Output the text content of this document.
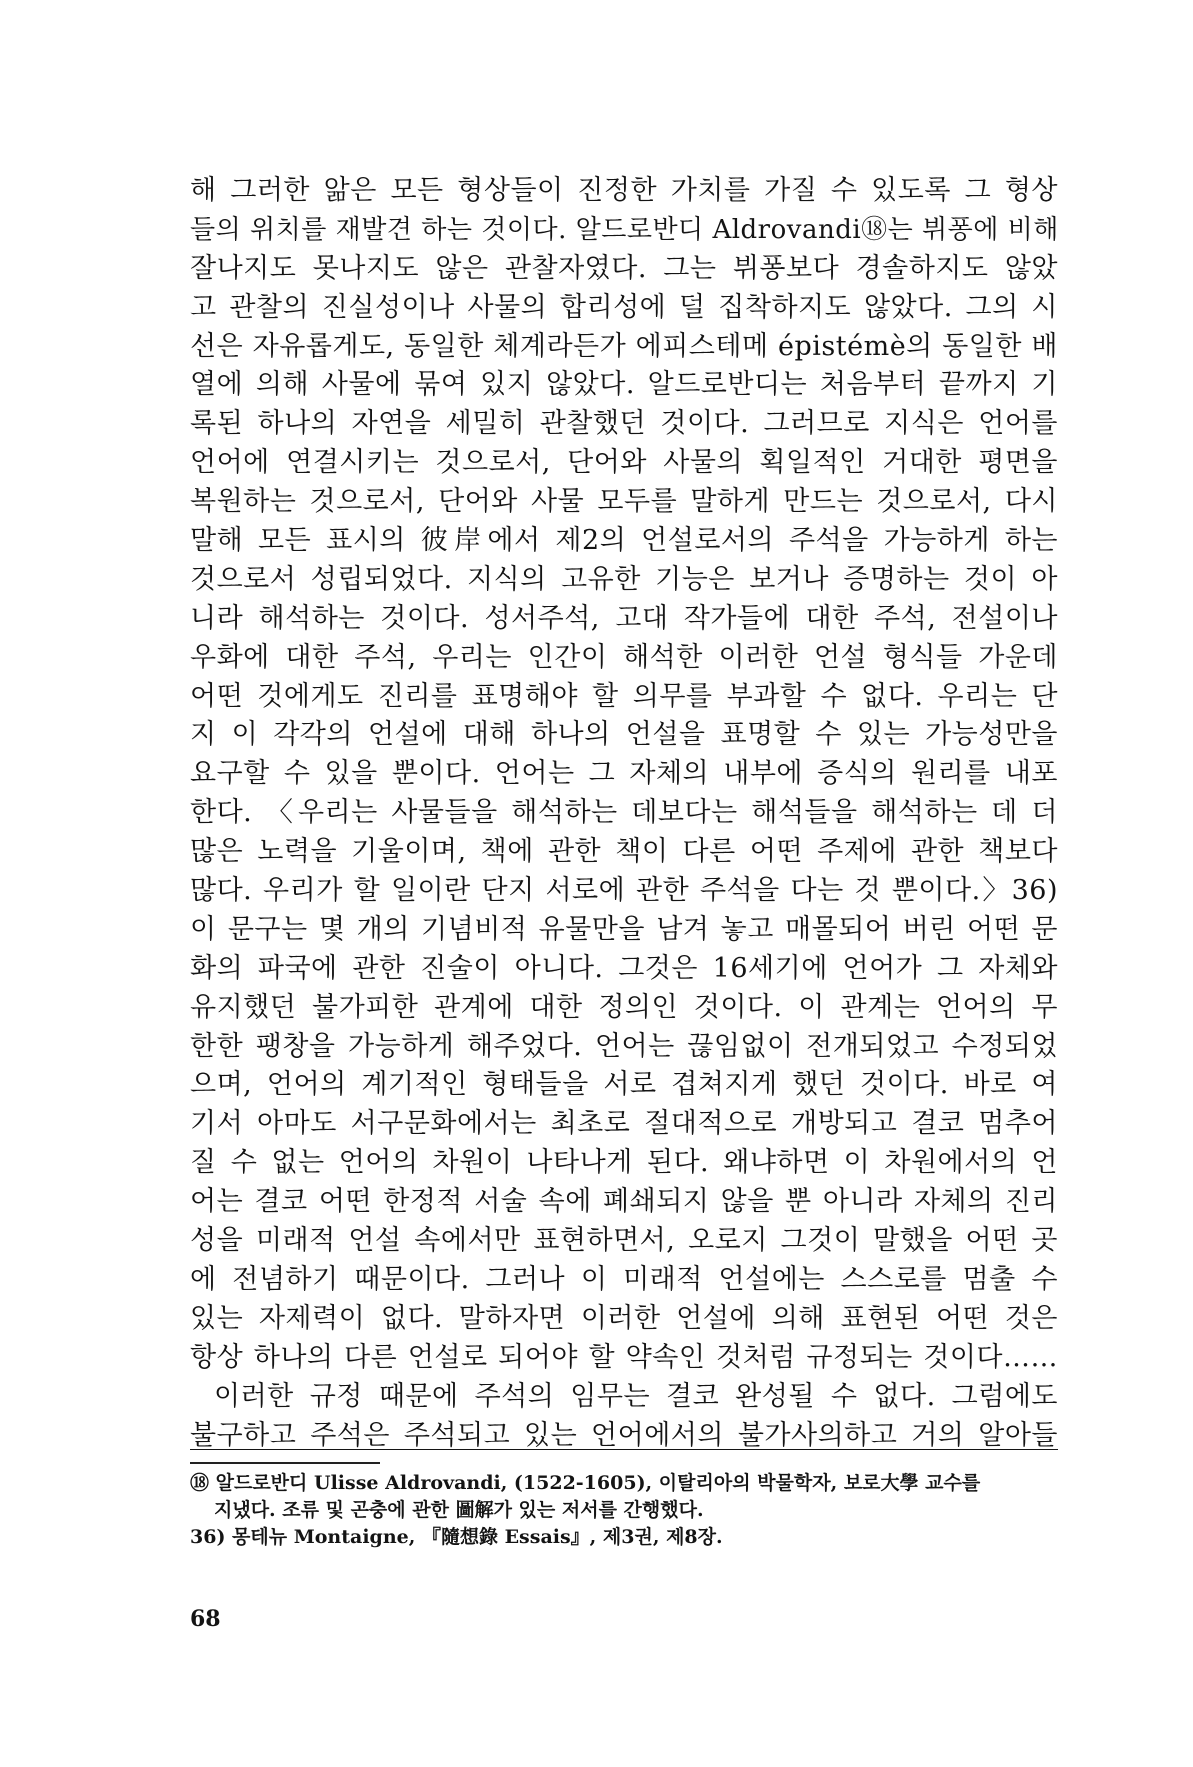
해 그러한 앎은 모든 형상들이 진정한 가치를 가질 수 있도록 그 형상
들의 위치를 재발견 하는 것이다. 알드로반디 Aldrovandi⑱는 뷔퐁에 비해
잘나지도 못나지도 않은 관찰자였다. 그는 뷔퐁보다 경솔하지도 않았
고 관찰의 진실성이나 사물의 합리성에 덜 집착하지도 않았다. 그의 시
선은 자유롭게도, 동일한 체계라든가 에피스테메 épistémè의 동일한 배
열에 의해 사물에 묶여 있지 않았다. 알드로반디는 처음부터 끝까지 기
록된 하나의 자연을 세밀히 관찰했던 것이다. 그러므로 지식은 언어를
언어에 연결시키는 것으로서, 단어와 사물의 획일적인 거대한 평면을
복원하는 것으로서, 단어와 사물 모두를 말하게 만드는 것으로서, 다시
말해 모든 표시의 彼岸에서 제2의 언설로서의 주석을 가능하게 하는
것으로서 성립되었다. 지식의 고유한 기능은 보거나 증명하는 것이 아
니라 해석하는 것이다. 성서주석, 고대 작가들에 대한 주석, 전설이나
우화에 대한 주석, 우리는 인간이 해석한 이러한 언설 형식들 가운데
어떤 것에게도 진리를 표명해야 할 의무를 부과할 수 없다. 우리는 단
지 이 각각의 언설에 대해 하나의 언설을 표명할 수 있는 가능성만을
요구할 수 있을 뿐이다. 언어는 그 자체의 내부에 증식의 원리를 내포
한다. 〈우리는 사물들을 해석하는 데보다는 해석들을 해석하는 데 더
많은 노력을 기울이며, 책에 관한 책이 다른 어떤 주제에 관한 책보다
많다. 우리가 할 일이란 단지 서로에 관한 주석을 다는 것 뿐이다.〉36)
이 문구는 몇 개의 기념비적 유물만을 남겨 놓고 매몰되어 버린 어떤 문
화의 파국에 관한 진술이 아니다. 그것은 16세기에 언어가 그 자체와
유지했던 불가피한 관계에 대한 정의인 것이다. 이 관계는 언어의 무
한한 팽창을 가능하게 해주었다. 언어는 끊임없이 전개되었고 수정되었
으며, 언어의 계기적인 형태들을 서로 겹쳐지게 했던 것이다. 바로 여
기서 아마도 서구문화에서는 최초로 절대적으로 개방되고 결코 멈추어
질 수 없는 언어의 차원이 나타나게 된다. 왜냐하면 이 차원에서의 언
어는 결코 어떤 한정적 서술 속에 폐쇄되지 않을 뿐 아니라 자체의 진리
성을 미래적 언설 속에서만 표현하면서, 오로지 그것이 말했을 어떤 곳
에 전념하기 때문이다. 그러나 이 미래적 언설에는 스스로를 멈출 수
있는 자제력이 없다. 말하자면 이러한 언설에 의해 표현된 어떤 것은
항상 하나의 다른 언설로 되어야 할 약속인 것처럼 규정되는 것이다……
이러한 규정 때문에 주석의 임무는 결코 완성될 수 없다. 그럼에도
불구하고 주석은 주석되고 있는 언어에서의 불가사의하고 거의 알아들
⑱ 알드로반디 Ulisse Aldrovandi, (1522-1605), 이탈리아의 박물학자, 보로大學 교수를
지냈다. 조류 및 곤충에 관한 圖解가 있는 저서를 간행했다.
36) 몽테뉴 Montaigne, 『隨想錄 Essais』, 제3권, 제8장.
68
